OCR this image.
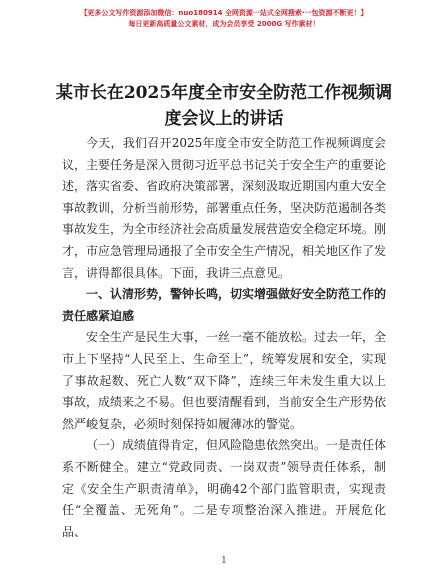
【更多公文写作资源添加微信：nuo180914 全网资源一站式全网搜索·一包资源不断更！】
每日更新高质量公文素材，成为会员享受 2000G 写作素材！
某市长在2025年度全市安全防范工作视频调度会议上的讲话

今天，我们召开2025年度全市安全防范工作视频调度会议，主要任务是深入贯彻习近平总书记关于安全生产的重要论述，落实省委、省政府决策部署，深刻汲取近期国内重大安全事故教训，分析当前形势，部署重点任务，坚决防范遏制各类事故发生，为全市经济社会高质量发展营造安全稳定环境。刚才，市应急管理局通报了全市安全生产情况，相关地区作了发言，讲得都很具体。下面，我讲三点意见。

一、认清形势，警钟长鸣，切实增强做好安全防范工作的责任感紧迫感

安全生产是民生大事，一丝一毫不能放松。过去一年，全市上下坚持“人民至上、生命至上”，统筹发展和安全，实现了事故起数、死亡人数“双下降”，连续三年未发生重大以上事故，成绩来之不易。但也要清醒看到，当前安全生产形势依然严峻复杂，必须时刻保持如履薄冰的警觉。

（一）成绩值得肯定，但风险隐患依然突出。一是责任体系不断健全。建立“党政同责、一岗双责”领导责任体系，制定《安全生产职责清单》，明确42个部门监管职责，实现责任“全覆盖、无死角”。二是专项整治深入推进。开展危化品、

1
